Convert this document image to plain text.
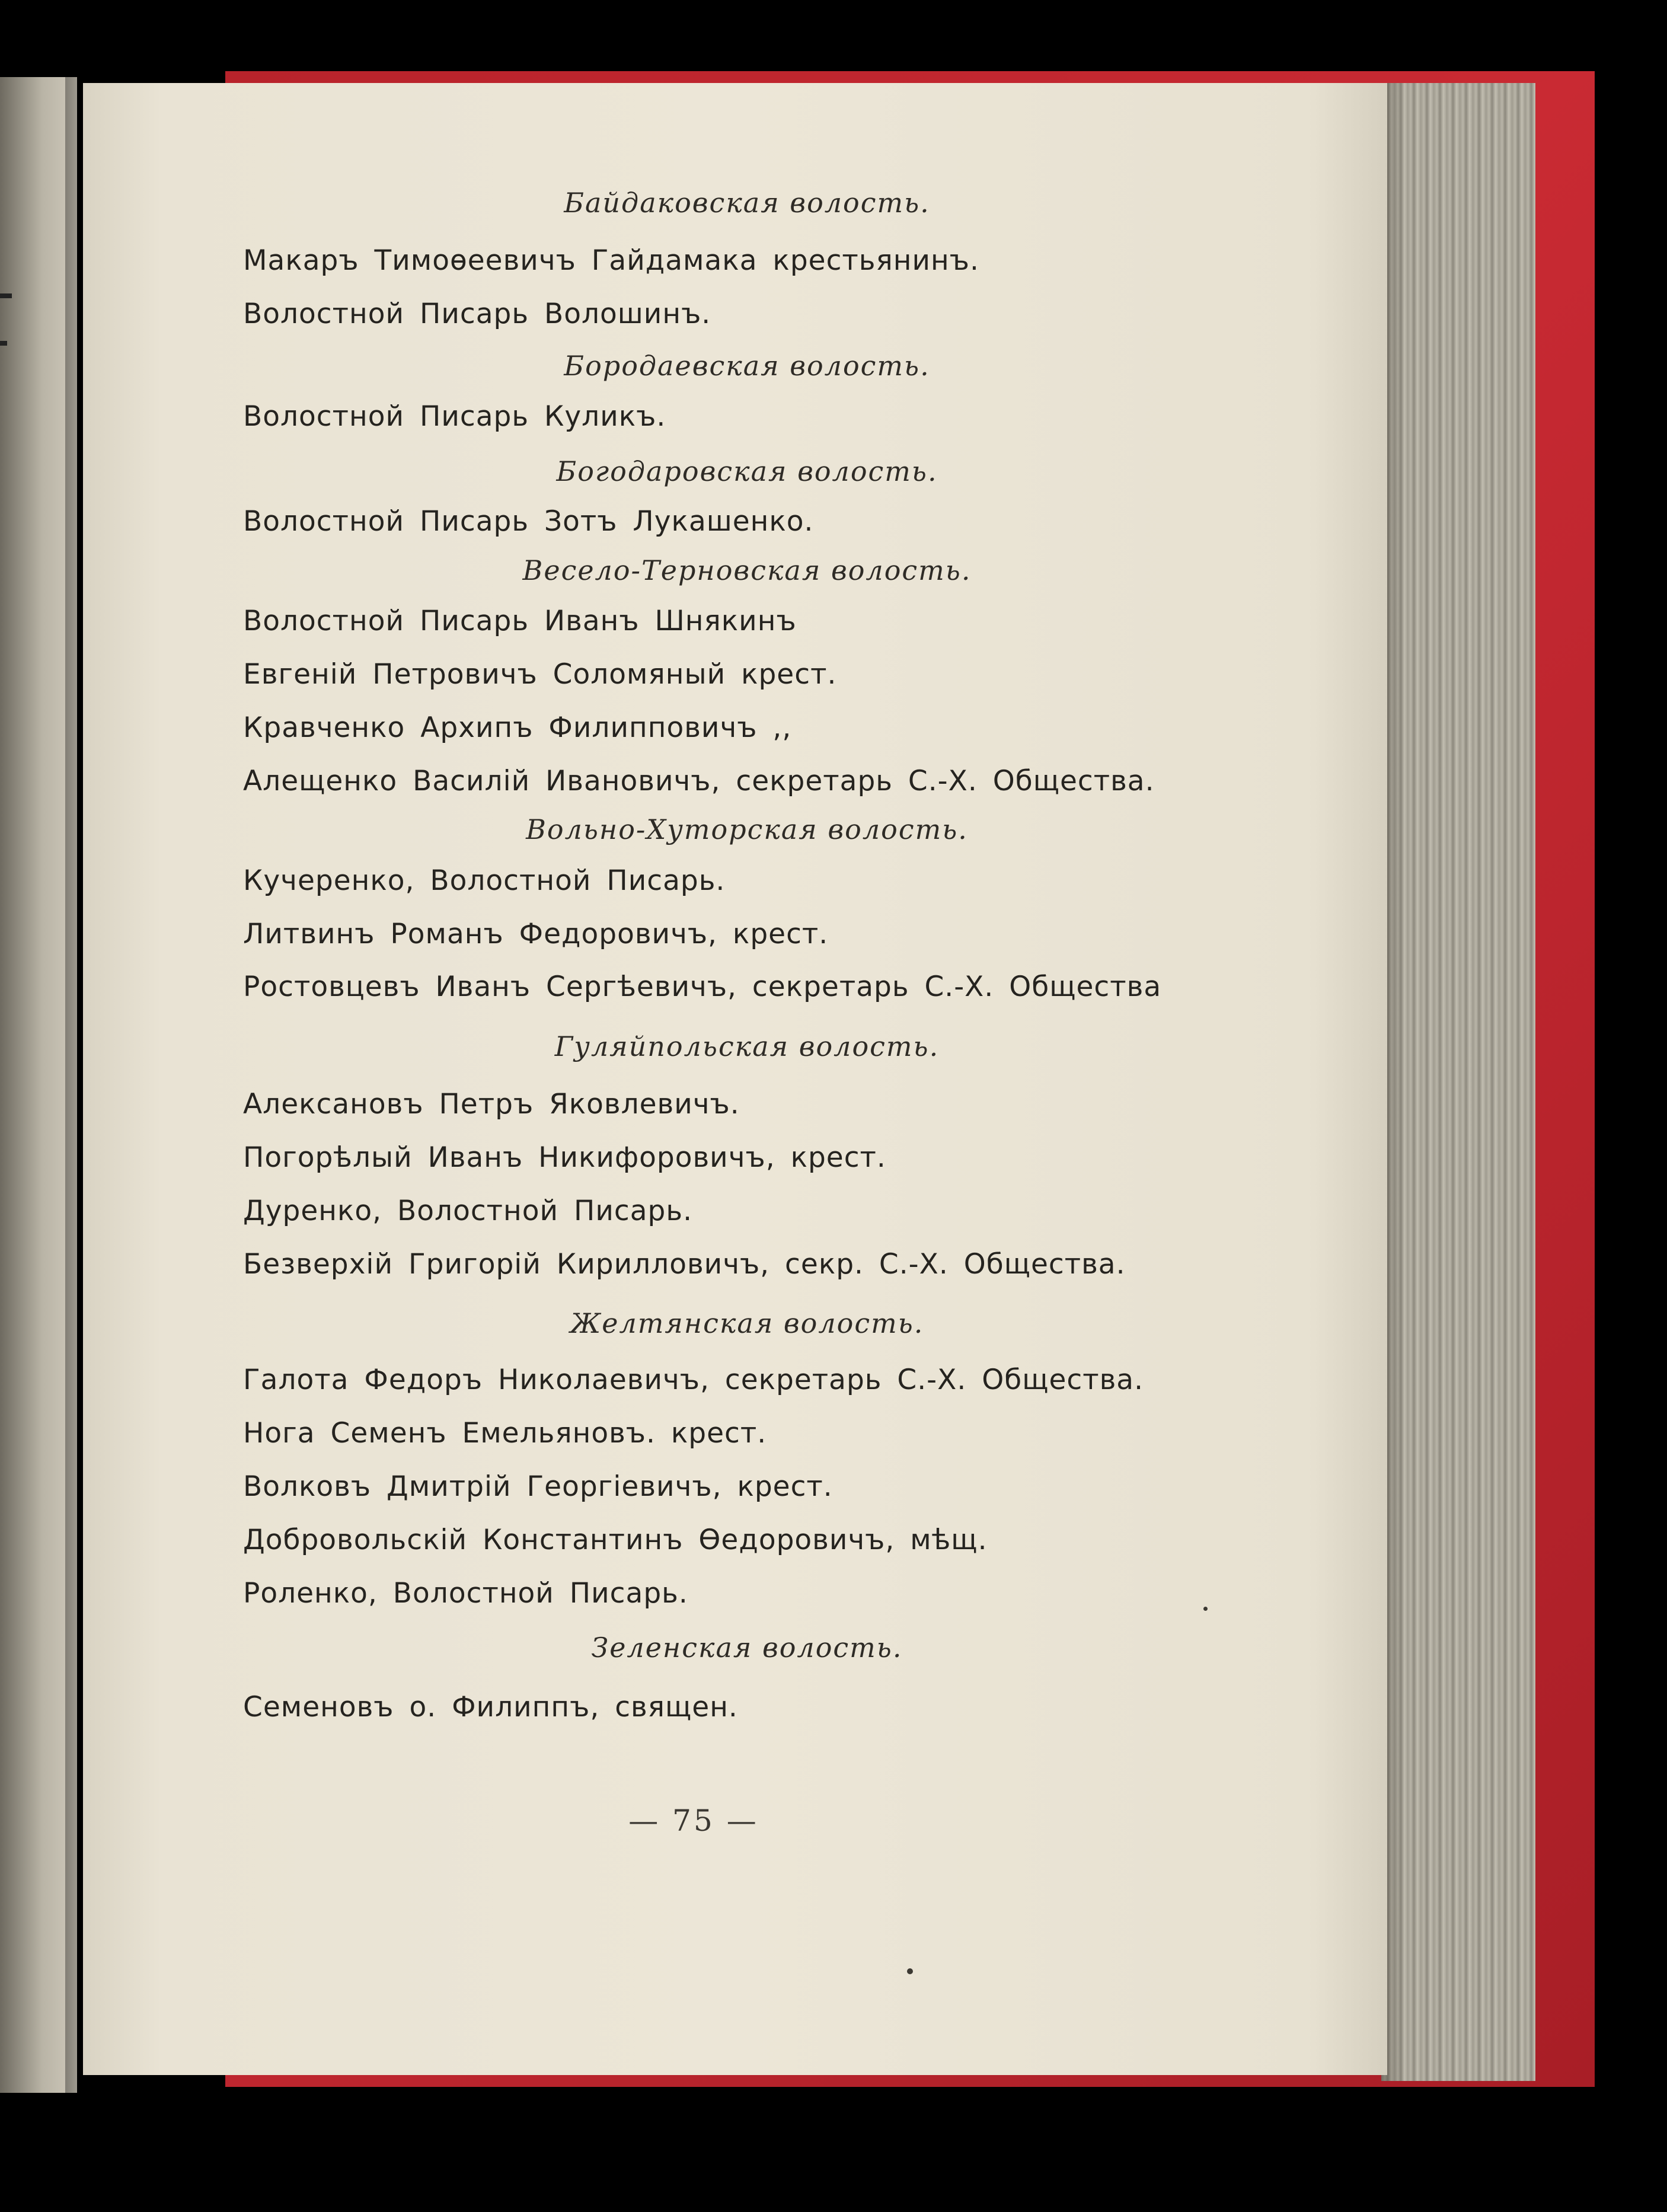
Байдаковская волость.
Макаръ Тимоѳеевичъ Гайдамака крестьянинъ.
Волостной Писарь Волошинъ.
Бородаевская волость.
Волостной Писарь Куликъ.
Богодаровская волость.
Волостной Писарь Зотъ Лукашенко.
Весело-Терновская волость.
Волостной Писарь Иванъ Шнякинъ
Евгеній Петровичъ Соломяный крест.
Кравченко Архипъ Филипповичъ ,,
Алещенко Василій Ивановичъ, секретарь С.-Х. Общества.
Вольно-Хуторская волость.
Кучеренко, Волостной Писарь.
Литвинъ Романъ Федоровичъ, крест.
Ростовцевъ Иванъ Сергѣевичъ, секретарь С.-Х. Общества
Гуляйпольская волость.
Алексановъ Петръ Яковлевичъ.
Погорѣлый Иванъ Никифоровичъ, крест.
Дуренко, Волостной Писарь.
Безверхій Григорій Кирилловичъ, секр. С.-Х. Общества.
Желтянская волость.
Галота Федоръ Николаевичъ, секретарь С.-Х. Общества.
Нога Семенъ Емельяновъ. крест.
Волковъ Дмитрій Георгіевичъ, крест.
Добровольскій Константинъ Ѳедоровичъ, мѣщ.
Роленко, Волостной Писарь.
Зеленская волость.
Семеновъ о. Филиппъ, священ.
— 75 —
